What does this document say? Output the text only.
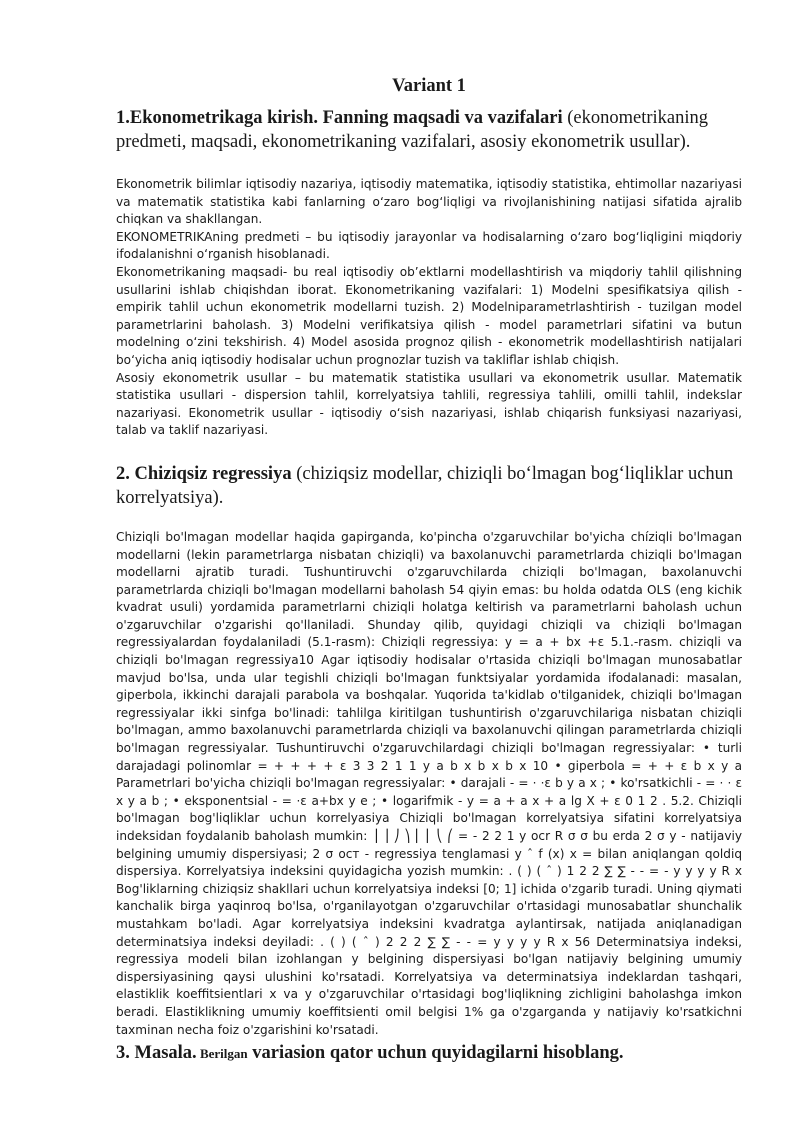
Variant 1
1.Ekonometrikaga kirish. Fanning maqsadi va vazifalari (ekonometrikaning predmeti, maqsadi, ekonometrikaning vazifalari, asosiy ekonometrik usullar).

Ekonometrik bilimlar iqtisodiy nazariya, iqtisodiy matematika, iqtisodiy statistika, ehtimollar nazariyasi va matematik statistika kabi fanlarning o‘zaro bog‘liqligi va rivojlanishining natijasi sifatida ajralib chiqkan va shakllangan.

EKONOMETRIKAning predmeti – bu iqtisodiy jarayonlar va hodisalarning o‘zaro bog‘liqligini miqdoriy ifodalanishni o‘rganish hisoblanadi.

Ekonometrikaning maqsadi- bu real iqtisodiy ob’ektlarni modellashtirish va miqdoriy tahlil qilishning usullarini ishlab chiqishdan iborat. Ekonometrikaning vazifalari: 1) Modelni spesifikatsiya qilish - empirik tahlil uchun ekonometrik modellarni tuzish. 2) Modelniparametrlashtirish - tuzilgan model parametrlarini baholash. 3) Modelni verifikatsiya qilish - model parametrlari sifatini va butun modelning o‘zini tekshirish. 4) Model asosida prognoz qilish - ekonometrik modellashtirish natijalari bo‘yicha aniq iqtisodiy hodisalar uchun prognozlar tuzish va takliflar ishlab chiqish.

Asosiy ekonometrik usullar – bu matematik statistika usullari va ekonometrik usullar. Matematik statistika usullari - dispersion tahlil, korrelyatsiya tahlili, regressiya tahlili, omilli tahlil, indekslar nazariyasi. Ekonometrik usullar - iqtisodiy o‘sish nazariyasi, ishlab chiqarish funksiyasi nazariyasi, talab va taklif nazariyasi.

2. Chiziqsiz regressiya (chiziqsiz modellar, chiziqli bo‘lmagan bog‘liqliklar uchun korrelyatsiya).

Chiziqli bo'lmagan modellar haqida gapirganda, ko'pincha o'zgaruvchilar bo'yicha chíziqli bo'lmagan modellarni (lekin parametrlarga nisbatan chiziqli) va baxolanuvchi parametrlarda chiziqli bo'lmagan modellarni ajratib turadi. Tushuntiruvchi o'zgaruvchilarda chiziqli bo'lmagan, baxolanuvchi parametrlarda chiziqli bo'lmagan modellarni baholash 54 qiyin emas: bu holda odatda OLS (eng kichik kvadrat usuli) yordamida parametrlarni chiziqli holatga keltirish va parametrlarni baholash uchun o'zgaruvchilar o'zgarishi qo'llaniladi. Shunday qilib, quyidagi chiziqli va chiziqli bo'lmagan regressiyalardan foydalaniladi (5.1-rasm): Chiziqli regressiya: y = a + bx +ε 5.1.-rasm. chiziqli va chiziqli bo'lmagan regressiya10 Agar iqtisodiy hodisalar o'rtasida chiziqli bo'lmagan munosabatlar mavjud bo'lsa, unda ular tegishli chiziqli bo'lmagan funktsiyalar yordamida ifodalanadi: masalan, giperbola, ikkinchi darajali parabola va boshqalar. Yuqorida ta'kidlab o'tilganidek, chiziqli bo'lmagan regressiyalar ikki sinfga bo'linadi: tahlilga kiritilgan tushuntirish o'zgaruvchilariga nisbatan chiziqli bo'lmagan, ammo baxolanuvchi parametrlarda chiziqli va baxolanuvchi qilingan parametrlarda chiziqli bo'lmagan regressiyalar. Tushuntiruvchi o'zgaruvchilardagi chiziqli bo'lmagan regressiyalar: • turli darajadagi polinomlar = + + + + ε 3 3 2 1 1 y a b x b x b x 10 • giperbola = + + ε b x y a Parametrlari bo'yicha chiziqli bo'lmagan regressiyalar: • darajali - = ⋅ ⋅ε b y a x ; • ko'rsatkichli - = ⋅ ⋅ ε x y a b ; • eksponentsial - = ⋅ε a+bx y e ; • logarifmik - y = a + a x + a lg X + ε 0 1 2 . 5.2. Chiziqli bo'lmagan bog'liqliklar uchun korrelyasiya Chiziqli bo'lmagan korrelyatsiya sifatini korrelyatsiya indeksidan foydalanib baholash mumkin: ⎟ ⎟ ⎠ ⎞ ⎜ ⎜ ⎝ ⎛ = - 2 2 1 y осr R σ σ bu erda 2 σ y - natijaviy belgining umumiy dispersiyasi; 2 σ ост - regressiya tenglamasi y ˆ f (x) x = bilan aniqlangan qoldiq dispersiya. Korrelyatsiya indeksini quyidagicha yozish mumkin: . ( ) ( ˆ ) 1 2 2 ∑ ∑ - - = - y y y y R x Bog'liklarning chiziqsiz shakllari uchun korrelyatsiya indeksi [0; 1] ichida o'zgarib turadi. Uning qiymati kanchalik birga yaqinroq bo'lsa, o'rganilayotgan o'zgaruvchilar o'rtasidagi munosabatlar shunchalik mustahkam bo'ladi. Agar korrelyatsiya indeksini kvadratga aylantirsak, natijada aniqlanadigan determinatsiya indeksi deyiladi: . ( ) ( ˆ ) 2 2 2 ∑ ∑ - - = y y y y R x 56 Determinatsiya indeksi, regressiya modeli bilan izohlangan y belgining dispersiyasi bo'lgan natijaviy belgining umumiy dispersiyasining qaysi ulushini ko'rsatadi. Korrelyatsiya va determinatsiya indeklardan tashqari, elastiklik koeffitsientlari x va y o'zgaruvchilar o'rtasidagi bog'liqlikning zichligini baholashga imkon beradi. Elastiklikning umumiy koeffitsienti omil belgisi 1% ga o'zgarganda y natijaviy ko'rsatkichni taxminan necha foiz o'zgarishini ko'rsatadi.

3. Masala. Berilgan variasion qator uchun quyidagilarni hisoblang.
